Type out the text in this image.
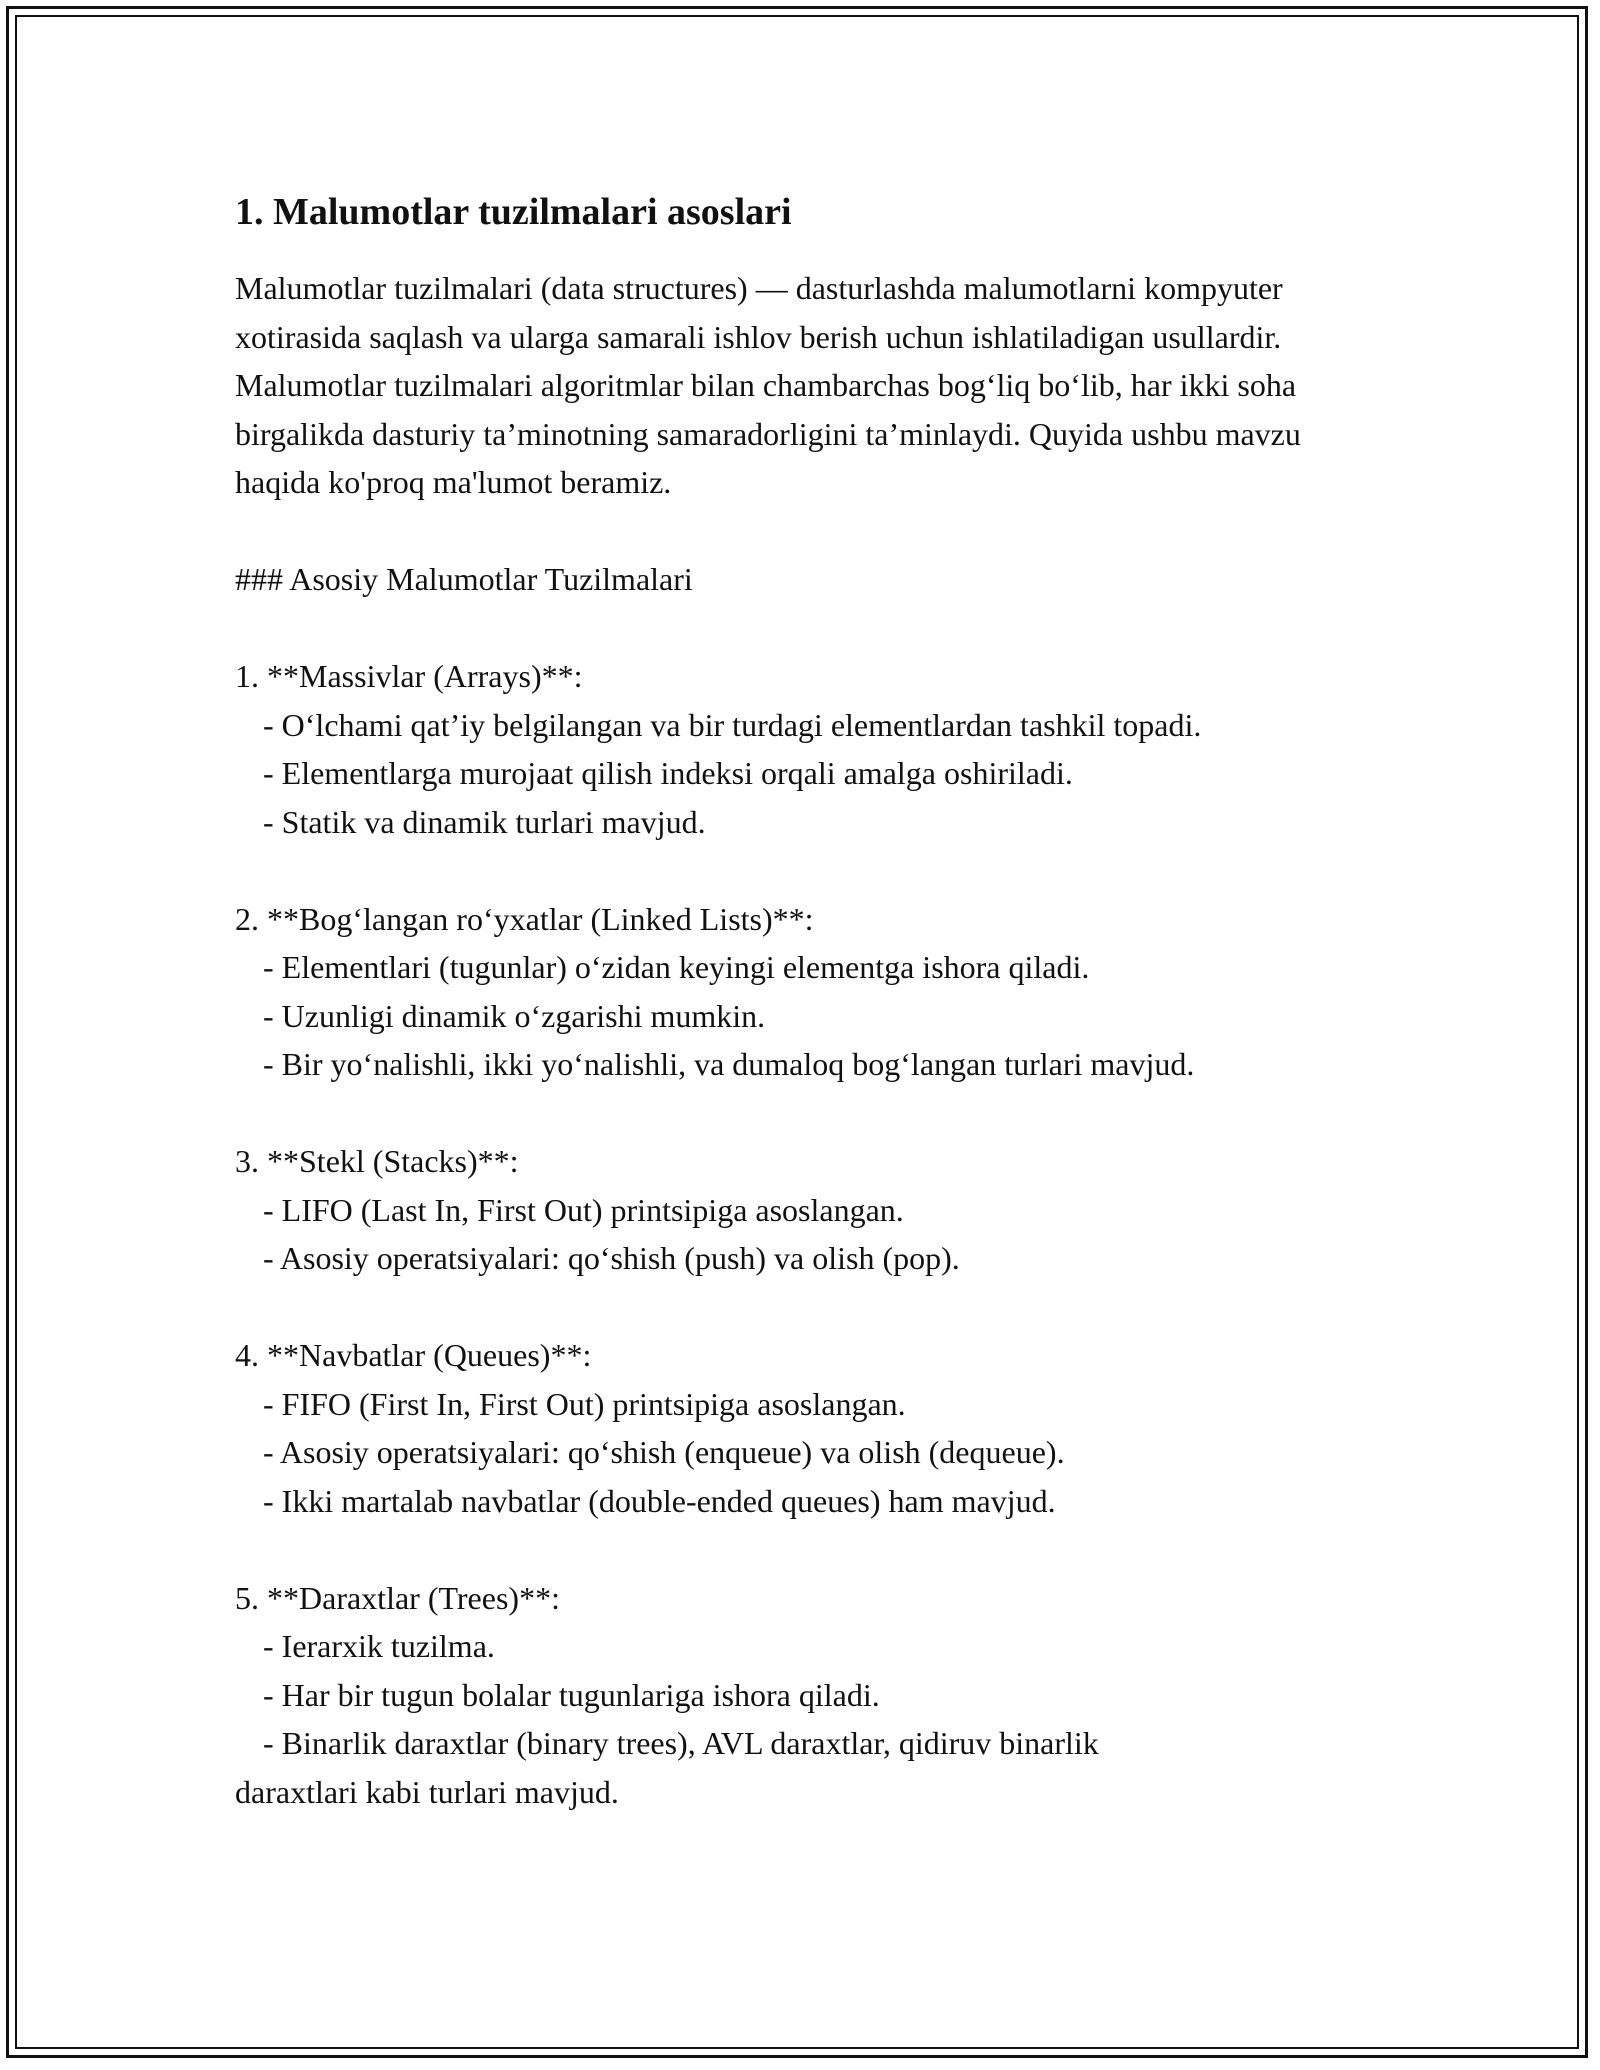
1. Malumotlar tuzilmalari asoslari

Malumotlar tuzilmalari (data structures) — dasturlashda malumotlarni kompyuter xotirasida saqlash va ularga samarali ishlov berish uchun ishlatiladigan usullardir. Malumotlar tuzilmalari algoritmlar bilan chambarchas bog‘liq bo‘lib, har ikki soha birgalikda dasturiy ta’minotning samaradorligini ta’minlaydi. Quyida ushbu mavzu haqida ko'proq ma'lumot beramiz.

### Asosiy Malumotlar Tuzilmalari
1. **Massivlar (Arrays)**:
- O‘lchami qat’iy belgilangan va bir turdagi elementlardan tashkil topadi.
- Elementlarga murojaat qilish indeksi orqali amalga oshiriladi.
- Statik va dinamik turlari mavjud.
2. **Bog‘langan ro‘yxatlar (Linked Lists)**:
- Elementlari (tugunlar) o‘zidan keyingi elementga ishora qiladi.
- Uzunligi dinamik o‘zgarishi mumkin.
- Bir yo‘nalishli, ikki yo‘nalishli, va dumaloq bog‘langan turlari mavjud.
3. **Stekl (Stacks)**:
- LIFO (Last In, First Out) printsipiga asoslangan.
- Asosiy operatsiyalari: qo‘shish (push) va olish (pop).
4. **Navbatlar (Queues)**:
- FIFO (First In, First Out) printsipiga asoslangan.
- Asosiy operatsiyalari: qo‘shish (enqueue) va olish (dequeue).
- Ikki martalab navbatlar (double-ended queues) ham mavjud.
5. **Daraxtlar (Trees)**:
- Ierarxik tuzilma.
- Har bir tugun bolalar tugunlariga ishora qiladi.
- Binarlik daraxtlar (binary trees), AVL daraxtlar, qidiruv binarlik
daraxtlari kabi turlari mavjud.
